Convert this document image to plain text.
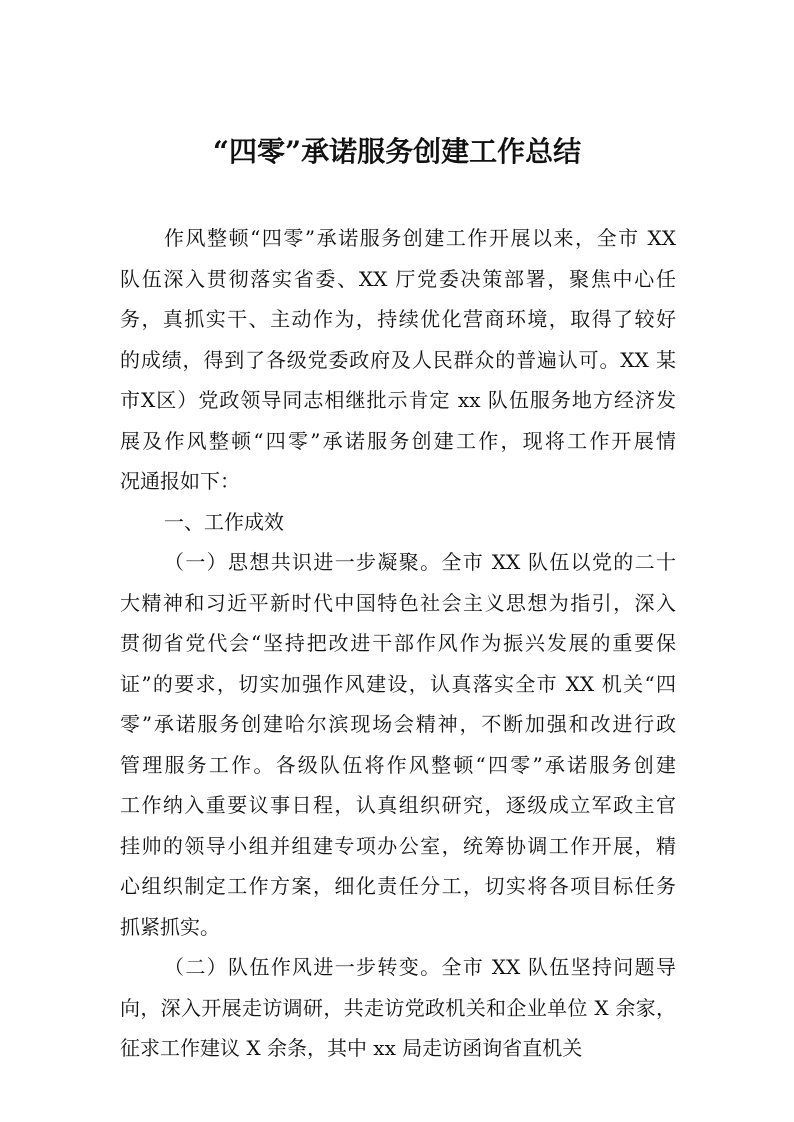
“四零”承诺服务创建工作总结
作风整顿“四零”承诺服务创建工作开展以来，全市 XX
队伍深入贯彻落实省委、XX 厅党委决策部署，聚焦中心任
务，真抓实干、主动作为，持续优化营商环境，取得了较好
的成绩，得到了各级党委政府及人民群众的普遍认可。XX 某
市X区）党政领导同志相继批示肯定 xx 队伍服务地方经济发
展及作风整顿“四零”承诺服务创建工作，现将工作开展情
况通报如下：
一、工作成效
（一）思想共识进一步凝聚。全市 XX 队伍以党的二十
大精神和习近平新时代中国特色社会主义思想为指引，深入
贯彻省党代会“坚持把改进干部作风作为振兴发展的重要保
证”的要求，切实加强作风建设，认真落实全市 XX 机关“四
零”承诺服务创建哈尔滨现场会精神，不断加强和改进行政
管理服务工作。各级队伍将作风整顿“四零”承诺服务创建
工作纳入重要议事日程，认真组织研究，逐级成立军政主官
挂帅的领导小组并组建专项办公室，统筹协调工作开展，精
心组织制定工作方案，细化责任分工，切实将各项目标任务
抓紧抓实。
（二）队伍作风进一步转变。全市 XX 队伍坚持问题导
向，深入开展走访调研，共走访党政机关和企业单位 X 余家，
征求工作建议 X 余条，其中 xx 局走访函询省直机关
